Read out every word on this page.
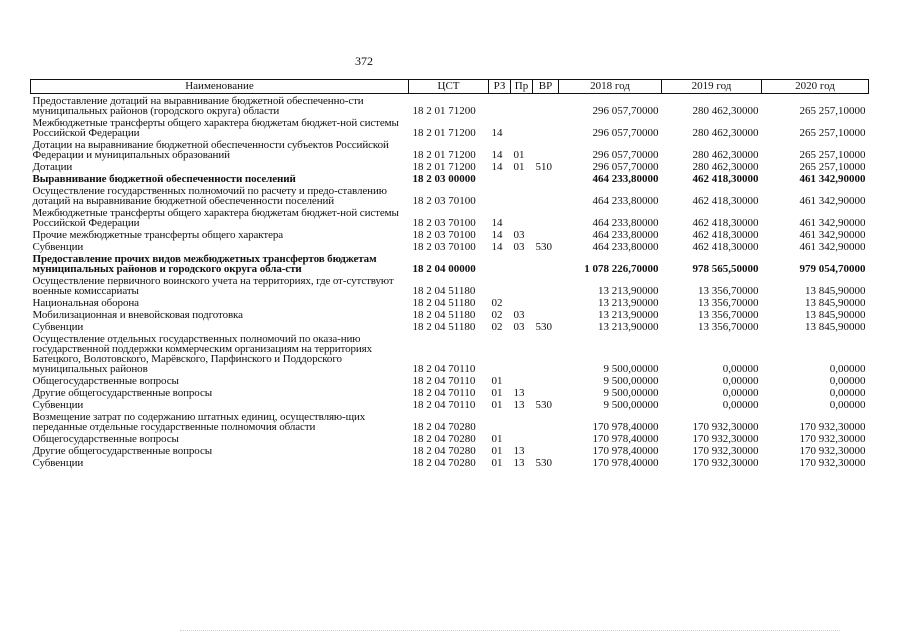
372
Наименование	ЦСТ	РЗ	Пр	ВР	2018 год	2019 год	2020 год
Предоставление дотаций на выравнивание бюджетной обеспеченно-сти муниципальных районов (городского округа) области	18 2 01 71200				296 057,70000	280 462,30000	265 257,10000
Межбюджетные трансферты общего характера бюджетам бюджет-ной системы Российской Федерации	18 2 01 71200	14			296 057,70000	280 462,30000	265 257,10000
Дотации на выравнивание бюджетной обеспеченности субъектов Российской Федерации и муниципальных образований	18 2 01 71200	14	01		296 057,70000	280 462,30000	265 257,10000
Дотации	18 2 01 71200	14	01	510	296 057,70000	280 462,30000	265 257,10000
Выравнивание бюджетной обеспеченности поселений	18 2 03 00000				464 233,80000	462 418,30000	461 342,90000
Осуществление государственных полномочий по расчету и предо-ставлению дотаций на выравнивание бюджетной обеспеченности поселений	18 2 03 70100				464 233,80000	462 418,30000	461 342,90000
Межбюджетные трансферты общего характера бюджетам бюджет-ной системы Российской Федерации	18 2 03 70100	14			464 233,80000	462 418,30000	461 342,90000
Прочие межбюджетные трансферты общего характера	18 2 03 70100	14	03		464 233,80000	462 418,30000	461 342,90000
Субвенции	18 2 03 70100	14	03	530	464 233,80000	462 418,30000	461 342,90000
Предоставление прочих видов межбюджетных трансфертов бюджетам муниципальных районов и городского округа обла-сти	18 2 04 00000				1 078 226,70000	978 565,50000	979 054,70000
Осуществление первичного воинского учета на территориях, где от-сутствуют военные комиссариаты	18 2 04 51180				13 213,90000	13 356,70000	13 845,90000
Национальная оборона	18 2 04 51180	02			13 213,90000	13 356,70000	13 845,90000
Мобилизационная и вневойсковая подготовка	18 2 04 51180	02	03		13 213,90000	13 356,70000	13 845,90000
Субвенции	18 2 04 51180	02	03	530	13 213,90000	13 356,70000	13 845,90000
Осуществление отдельных государственных полномочий по оказа-нию государственной поддержки коммерческим организациям на территориях Батецкого, Волотовского, Марёвского, Парфинского и Поддорского муниципальных районов	18 2 04 70110				9 500,00000	0,00000	0,00000
Общегосударственные вопросы	18 2 04 70110	01			9 500,00000	0,00000	0,00000
Другие общегосударственные вопросы	18 2 04 70110	01	13		9 500,00000	0,00000	0,00000
Субвенции	18 2 04 70110	01	13	530	9 500,00000	0,00000	0,00000
Возмещение затрат по содержанию штатных единиц, осуществляю-щих переданные отдельные государственные полномочия области	18 2 04 70280				170 978,40000	170 932,30000	170 932,30000
Общегосударственные вопросы	18 2 04 70280	01			170 978,40000	170 932,30000	170 932,30000
Другие общегосударственные вопросы	18 2 04 70280	01	13		170 978,40000	170 932,30000	170 932,30000
Субвенции	18 2 04 70280	01	13	530	170 978,40000	170 932,30000	170 932,30000
